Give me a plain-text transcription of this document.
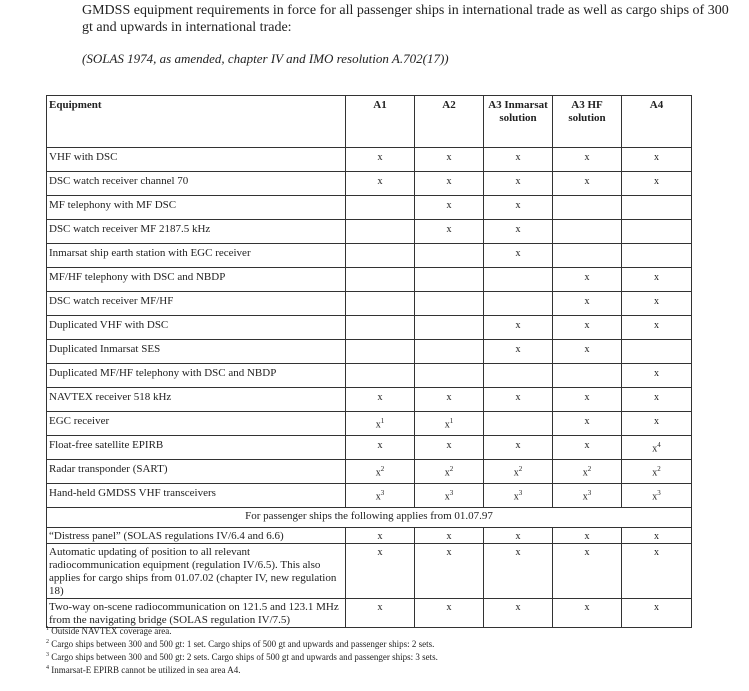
GMDSS equipment requirements in force for all passenger ships in international trade as well as cargo ships of 300 gt and upwards in international trade:
(SOLAS 1974, as amended, chapter IV and IMO resolution A.702(17))
Equipment	A1	A2	A3 Inmarsat solution	A3 HF solution	A4
VHF with DSC	x	x	x	x	x
DSC watch receiver channel 70	x	x	x	x	x
MF telephony with MF DSC		x	x		
DSC watch receiver MF 2187.5 kHz		x	x		
Inmarsat ship earth station with EGC receiver			x		
MF/HF telephony with DSC and NBDP				x	x
DSC watch receiver MF/HF				x	x
Duplicated VHF with DSC			x	x	x
Duplicated Inmarsat SES			x	x	
Duplicated MF/HF telephony with DSC and NBDP					x
NAVTEX receiver 518 kHz	x	x	x	x	x
EGC receiver	$x^1$	$x^1$		x	x
Float-free satellite EPIRB	x	x	x	x	$x^4$
Radar transponder (SART)	$x^2$	$x^2$	$x^2$	$x^2$	$x^2$
Hand-held GMDSS VHF transceivers	$x^3$	$x^3$	$x^3$	$x^3$	$x^3$
For passenger ships the following applies from 01.07.97					
“Distress panel” (SOLAS regulations IV/6.4 and 6.6)	x	x	x	x	x
Automatic updating of position to all relevant radiocommunication equipment (regulation IV/6.5). This also applies for cargo ships from 01.07.02 (chapter IV, new regulation 18)	x	x	x	x	x
Two-way on-scene radiocommunication on 121.5 and 123.1 MHz from the navigating bridge (SOLAS regulation IV/7.5)	x	x	x	x	x
$^1$ Outside NAVTEX coverage area.
$^2$ Cargo ships between 300 and 500 gt: 1 set. Cargo ships of 500 gt and upwards and passenger ships: 2 sets.
$^3$ Cargo ships between 300 and 500 gt: 2 sets. Cargo ships of 500 gt and upwards and passenger ships: 3 sets.
$^4$ Inmarsat-E EPIRB cannot be utilized in sea area A4.
